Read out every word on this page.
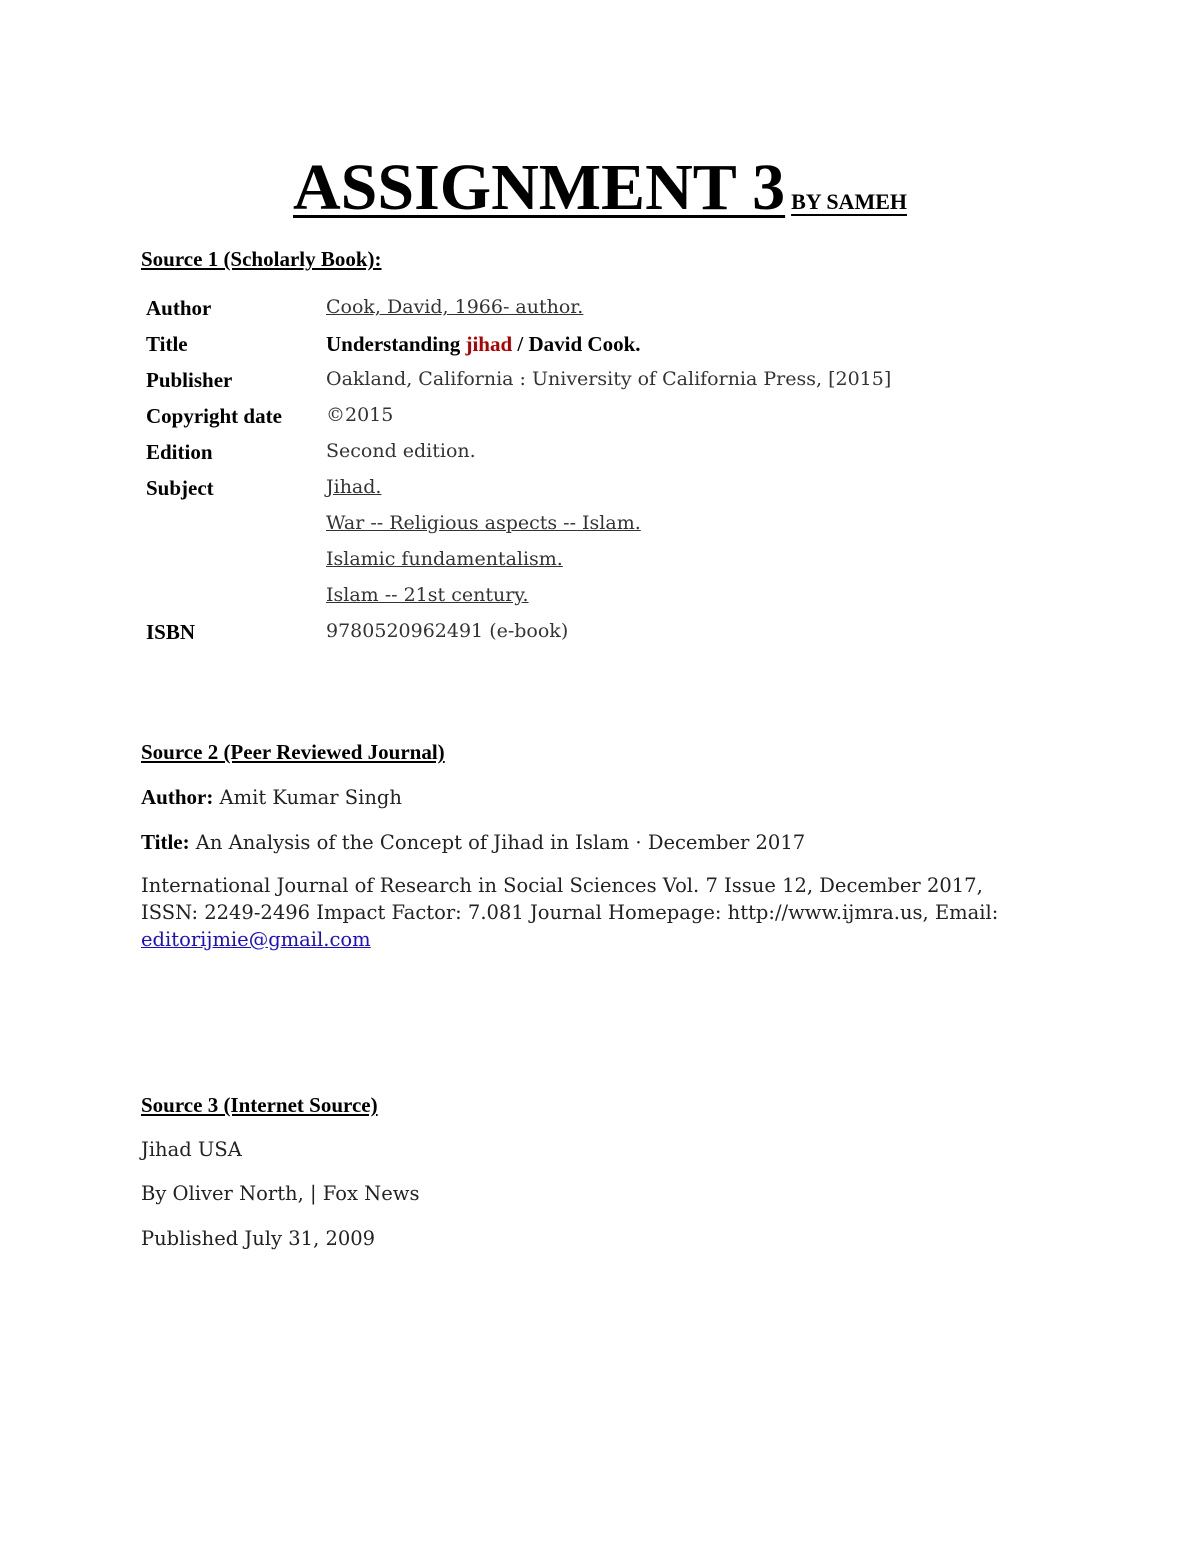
ASSIGNMENT 3 BY SAMEH
Source 1 (Scholarly Book):
Author	Cook, David, 1966- author.
Title	Understanding jihad / David Cook.
Publisher	Oakland, California : University of California Press, [2015]
Copyright date ©2015
Edition	Second edition.
Subject	Jihad.
War -- Religious aspects -- Islam.
Islamic fundamentalism.
Islam -- 21st century.
ISBN	9780520962491 (e-book)
Source 2 (Peer Reviewed Journal)
Author: Amit Kumar Singh
Title: An Analysis of the Concept of Jihad in Islam · December 2017
International Journal of Research in Social Sciences Vol. 7 Issue 12, December 2017, ISSN: 2249-2496 Impact Factor: 7.081 Journal Homepage: http://www.ijmra.us, Email: editorijmie@gmail.com
Source 3 (Internet Source)
Jihad USA
By Oliver North, | Fox News
Published July 31, 2009
